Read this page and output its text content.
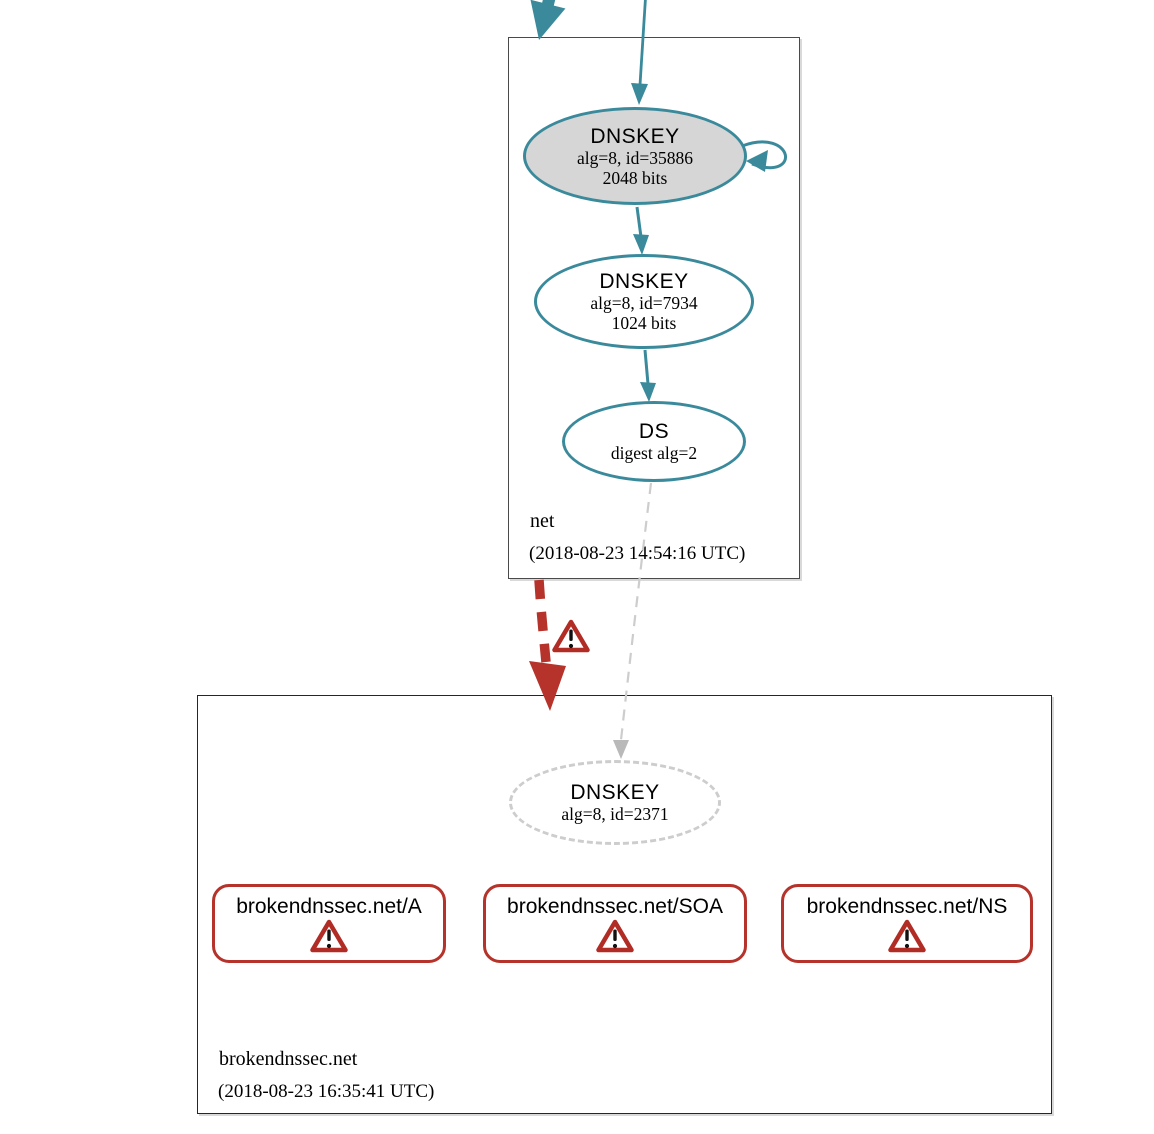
net
(2018-08-23 14:54:16 UTC)
brokendnssec.net
(2018-08-23 16:35:41 UTC)
DNSKEY
alg=8, id=35886
2048 bits
DNSKEY
alg=8, id=7934
1024 bits
DS
digest alg=2
DNSKEY
alg=8, id=2371
brokendnssec.net/A	brokendnssec.net/SOA	brokendnssec.net/NS
